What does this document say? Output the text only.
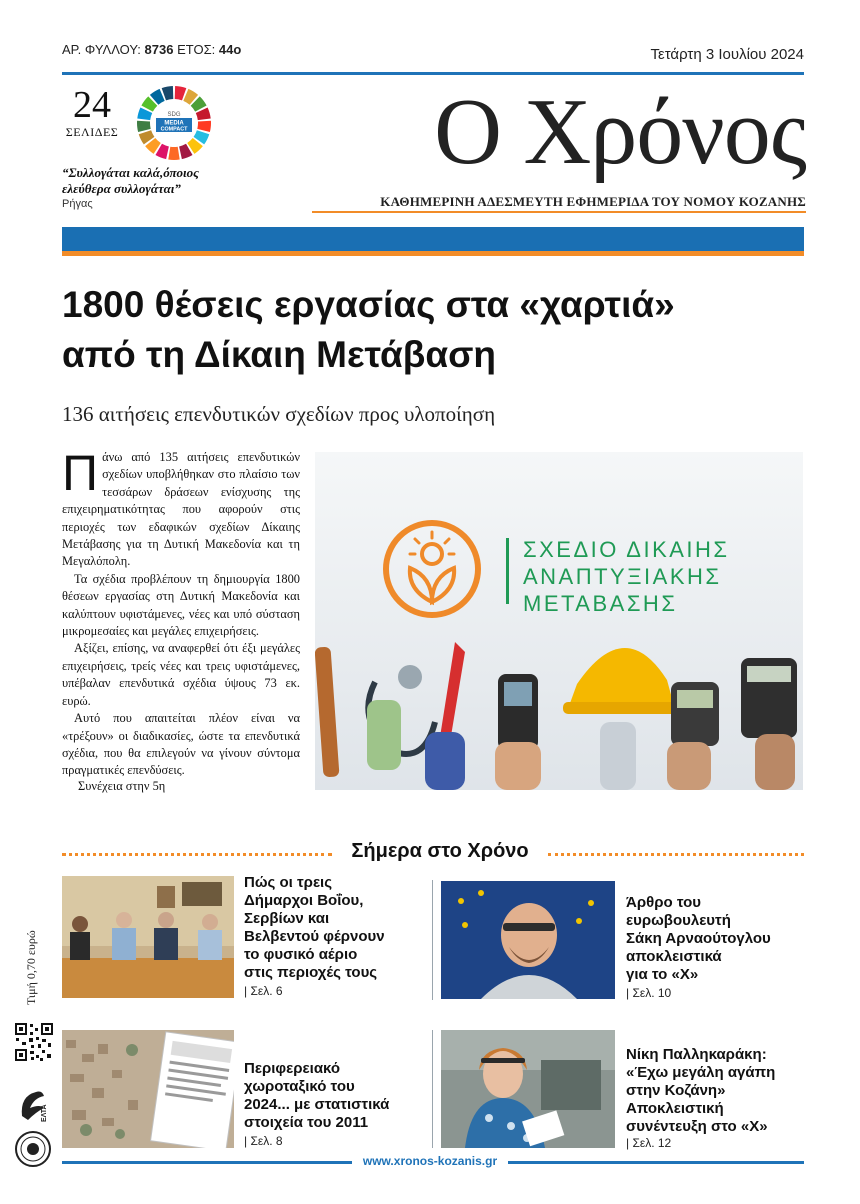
ΑΡ. ΦΥΛΛΟΥ: 8736 ΕΤΟΣ: 44ο	Τετάρτη 3 Ιουλίου 2024
24
ΣΕΛΙΔΕΣ
SDG
MEDIA
COMPACT
“Συλλογάται καλά,όποιος
ελεύθερα συλλογάται”
Ρήγας
Ο Χρόνος
ΚΑΘΗΜΕΡΙΝΗ ΑΔΕΣΜΕΥΤΗ ΕΦΗΜΕΡΙΔΑ ΤΟΥ ΝΟΜΟΥ ΚΟΖΑΝΗΣ
1800 θέσεις εργασίας στα «χαρτιά»
από τη Δίκαιη Μετάβαση
136 αιτήσεις επενδυτικών σχεδίων προς υλοποίηση

Πάνω από 135 αιτήσεις επενδυτικών σχεδίων υποβλήθηκαν στο πλαίσιο των τεσσάρων δράσεων ενίσχυσης της επιχειρηματικότητας που αφορούν στις περιοχές των εδαφικών σχεδίων Δίκαιης Μετάβασης για τη Δυτική Μακεδονία και τη Μεγαλόπολη.

Τα σχέδια προβλέπουν τη δημιουργία 1800 θέσεων εργασίας στη Δυτική Μακεδονία και καλύπτουν υφιστάμενες, νέες και υπό σύσταση μικρομεσαίες και μεγάλες επιχειρήσεις.

Αξίζει, επίσης, να αναφερθεί ότι έξι μεγάλες επιχειρήσεις, τρείς νέες και τρεις υφιστάμενες, υπέβαλαν επενδυτικά σχέδια ύψους 73 εκ. ευρώ.

Αυτό που απαιτείται πλέον είναι να «τρέξουν» οι διαδικασίες, ώστε τα επενδυτικά σχέδια, που θα επιλεγούν να γίνουν σύντομα πραγματικές επενδύσεις.

Συνέχεια στην 5η
ΣΧΕΔΙΟ ΔΙΚΑΙΗΣ
ΑΝΑΠΤΥΞΙΑΚΗΣ
ΜΕΤΑΒΑΣΗΣ
Σήμερα στο Χρόνο
Πώς οι τρεις
Δήμαρχοι Βοΐου,
Σερβίων και
Βελβεντού φέρνουν
το φυσικό αέριο
στις περιοχές τους
| Σελ. 6
Άρθρο του
ευρωβουλευτή
Σάκη Αρναούτογλου
αποκλειστικά
για το «Χ»
| Σελ. 10
Περιφερειακό
χωροταξικό του
2024... με στατιστικά
στοιχεία του 2011
| Σελ. 8
Νίκη Παλληκαράκη:
«Έχω μεγάλη αγάπη
στην Κοζάνη»
Αποκλειστική
συνέντευξη στο «Χ»
| Σελ. 12
Τιμή 0,70 ευρώ
ΕΛΤΑ
www.xronos-kozanis.gr
